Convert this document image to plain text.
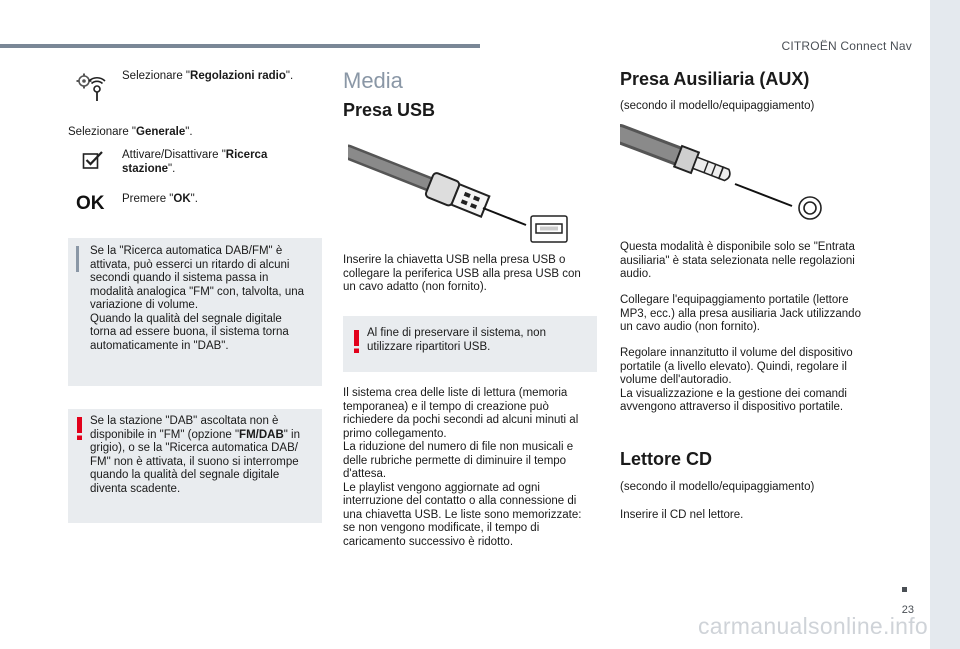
CITROËN Connect Nav
23
carmanualsonline.info

Selezionare "Regolazioni radio".

Selezionare "Generale".

Attivare/Disattivare "Ricerca stazione".

OK Premere "OK".

Se la "Ricerca automatica DAB/FM" è
attivata, può esserci un ritardo di alcuni
secondi quando il sistema passa in
modalità analogica "FM" con, talvolta, una
variazione di volume.
Quando la qualità del segnale digitale
torna ad essere buona, il sistema torna
automaticamente in "DAB".

Se la stazione "DAB" ascoltata non è
disponibile in "FM" (opzione "FM/DAB" in
grigio), o se la "Ricerca automatica DAB/
FM" non è attivata, il suono si interrompe
quando la qualità del segnale digitale
diventa scadente.

Media
Presa USB

Inserire la chiavetta USB nella presa USB o
collegare la periferica USB alla presa USB con
un cavo adatto (non fornito).

Al fine di preservare il sistema, non
utilizzare ripartitori USB.

Il sistema crea delle liste di lettura (memoria
temporanea) e il tempo di creazione può
richiedere da pochi secondi ad alcuni minuti al
primo collegamento.
La riduzione del numero di file non musicali e
delle rubriche permette di diminuire il tempo
d'attesa.
Le playlist vengono aggiornate ad ogni
interruzione del contatto o alla connessione di
una chiavetta USB. Le liste sono memorizzate:
se non vengono modificate, il tempo di
caricamento successivo è ridotto.

Presa Ausiliaria (AUX)

(secondo il modello/equipaggiamento)

Questa modalità è disponibile solo se "Entrata
ausiliaria" è stata selezionata nelle regolazioni
audio.

Collegare l'equipaggiamento portatile (lettore
MP3, ecc.) alla presa ausiliaria Jack utilizzando
un cavo audio (non fornito).

Regolare innanzitutto il volume del dispositivo
portatile (a livello elevato). Quindi, regolare il
volume dell'autoradio.
La visualizzazione e la gestione dei comandi
avvengono attraverso il dispositivo portatile.

Lettore CD

(secondo il modello/equipaggiamento)

Inserire il CD nel lettore.
